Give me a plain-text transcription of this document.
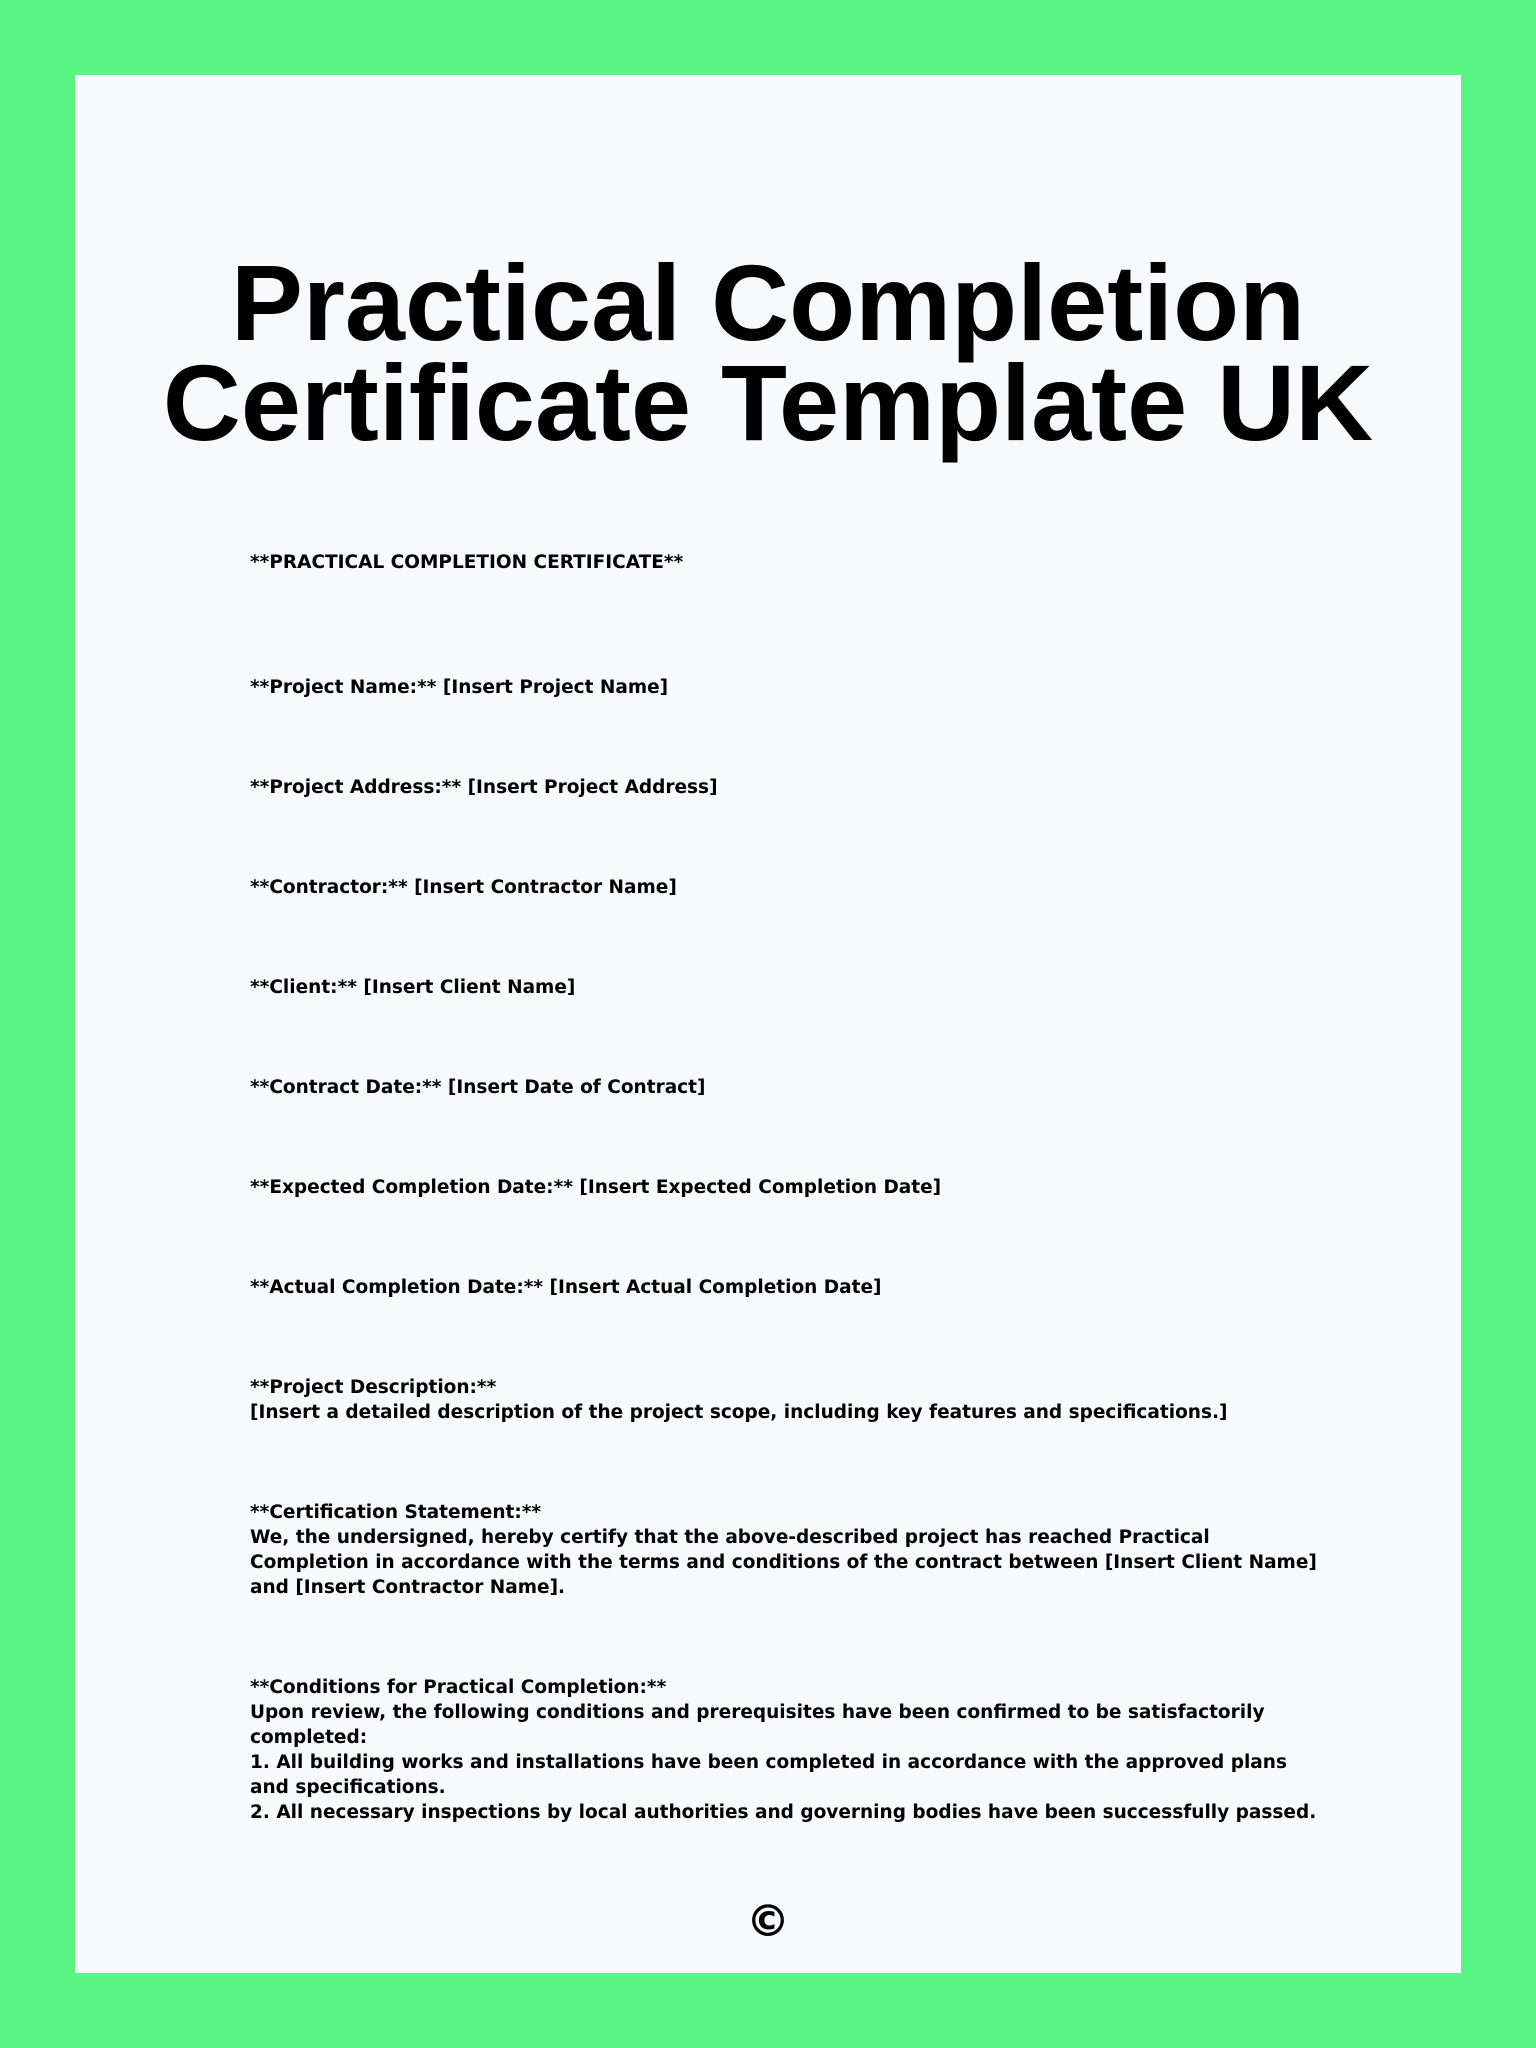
Practical Completion
Certificate Template UK

**PRACTICAL COMPLETION CERTIFICATE**

**Project Name:** [Insert Project Name]

**Project Address:** [Insert Project Address]

**Contractor:** [Insert Contractor Name]

**Client:** [Insert Client Name]

**Contract Date:** [Insert Date of Contract]

**Expected Completion Date:** [Insert Expected Completion Date]

**Actual Completion Date:** [Insert Actual Completion Date]

**Project Description:**
[Insert a detailed description of the project scope, including key features and specifications.]
**Certification Statement:**
We, the undersigned, hereby certify that the above-described project has reached Practical Completion in accordance with the terms and conditions of the contract between [Insert Client Name] and [Insert Contractor Name].
**Conditions for Practical Completion:**
Upon review, the following conditions and prerequisites have been confirmed to be satisfactorily completed:
1. All building works and installations have been completed in accordance with the approved plans and specifications.
2. All necessary inspections by local authorities and governing bodies have been successfully passed.
©
